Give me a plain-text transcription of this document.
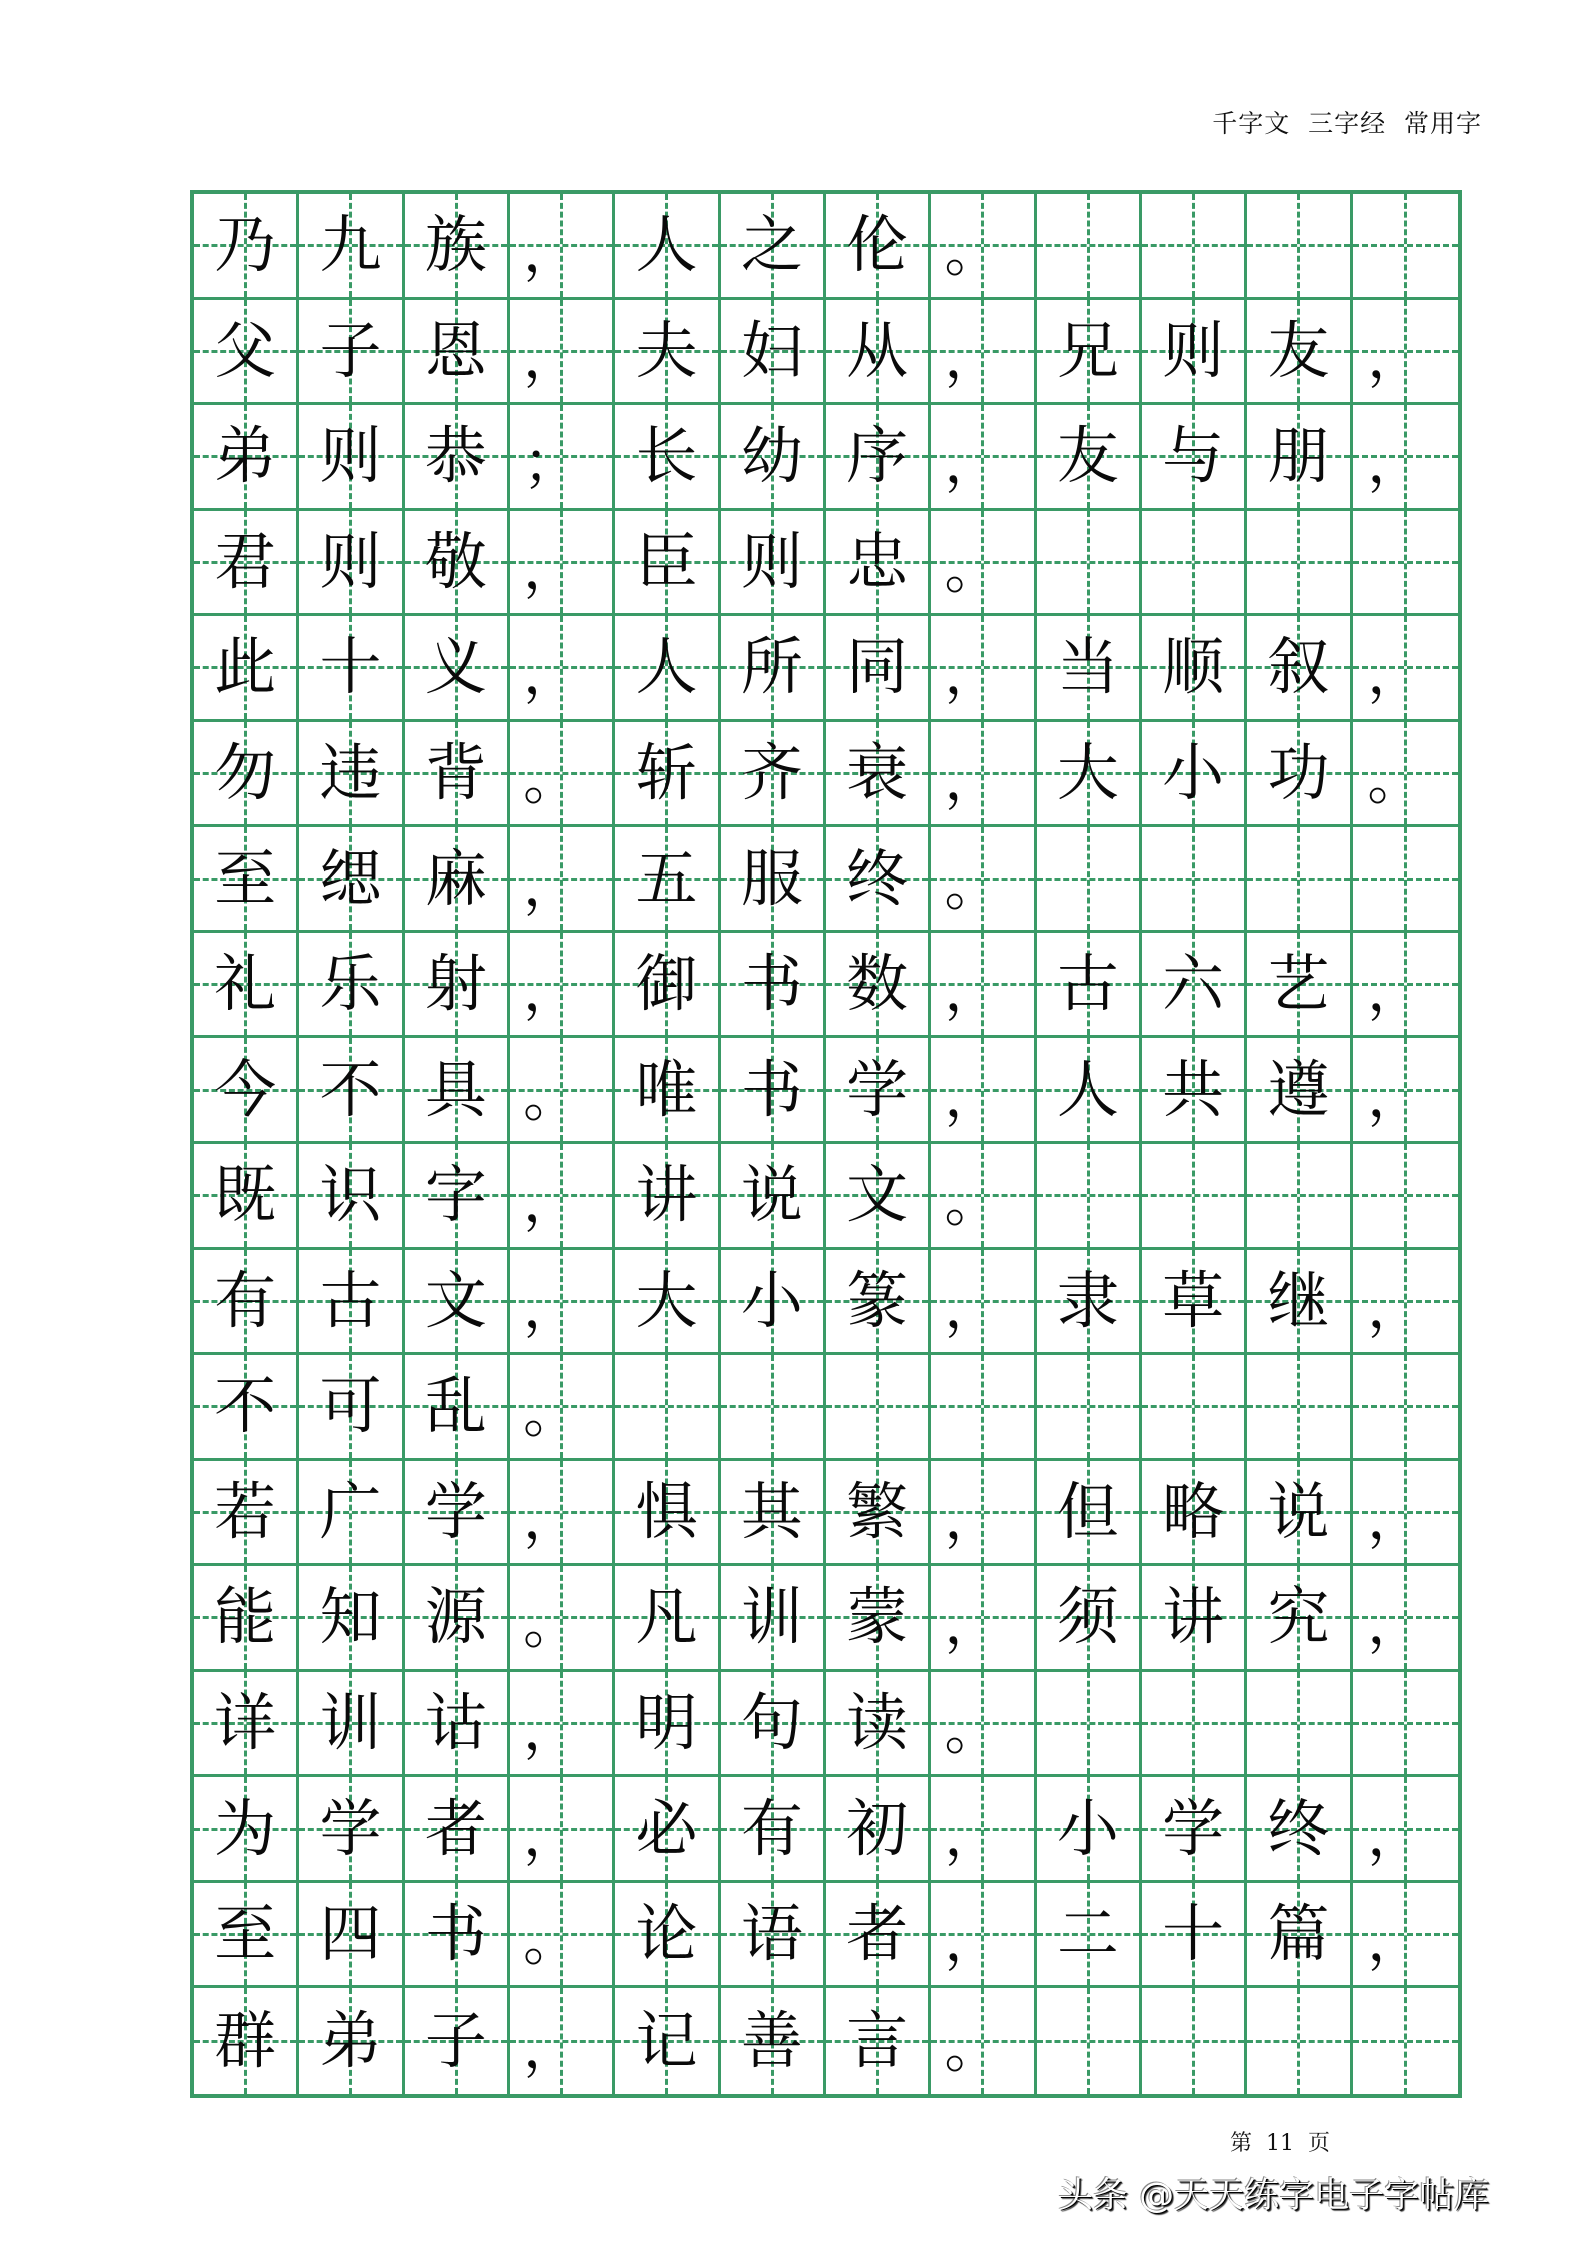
千字文  三字经  常用字
乃 九 族 ， 人 之 伦 。
父 子 恩 ， 夫 妇 从 ， 兄 则 友 ，
弟 则 恭 ； 长 幼 序 ， 友 与 朋 ，
君 则 敬 ， 臣 则 忠 。
此 十 义 ， 人 所 同 ， 当 顺 叙 ，
勿 违 背 。 斩 齐 衰 ， 大 小 功 。
至 缌 麻 ， 五 服 终 。
礼 乐 射 ， 御 书 数 ， 古 六 艺 ，
今 不 具 。 唯 书 学 ， 人 共 遵 ，
既 识 字 ， 讲 说 文 。
有 古 文 ， 大 小 篆 ， 隶 草 继 ，
不 可 乱 。
若 广 学 ， 惧 其 繁 ， 但 略 说 ，
能 知 源 。 凡 训 蒙 ， 须 讲 究 ，
详 训 诂 ， 明 句 读 。
为 学 者 ， 必 有 初 ， 小 学 终 ，
至 四 书 。 论 语 者 ， 二 十 篇 ，
群 弟 子 ， 记 善 言 。
第  11  页
头条 @天天练字电子字帖库
